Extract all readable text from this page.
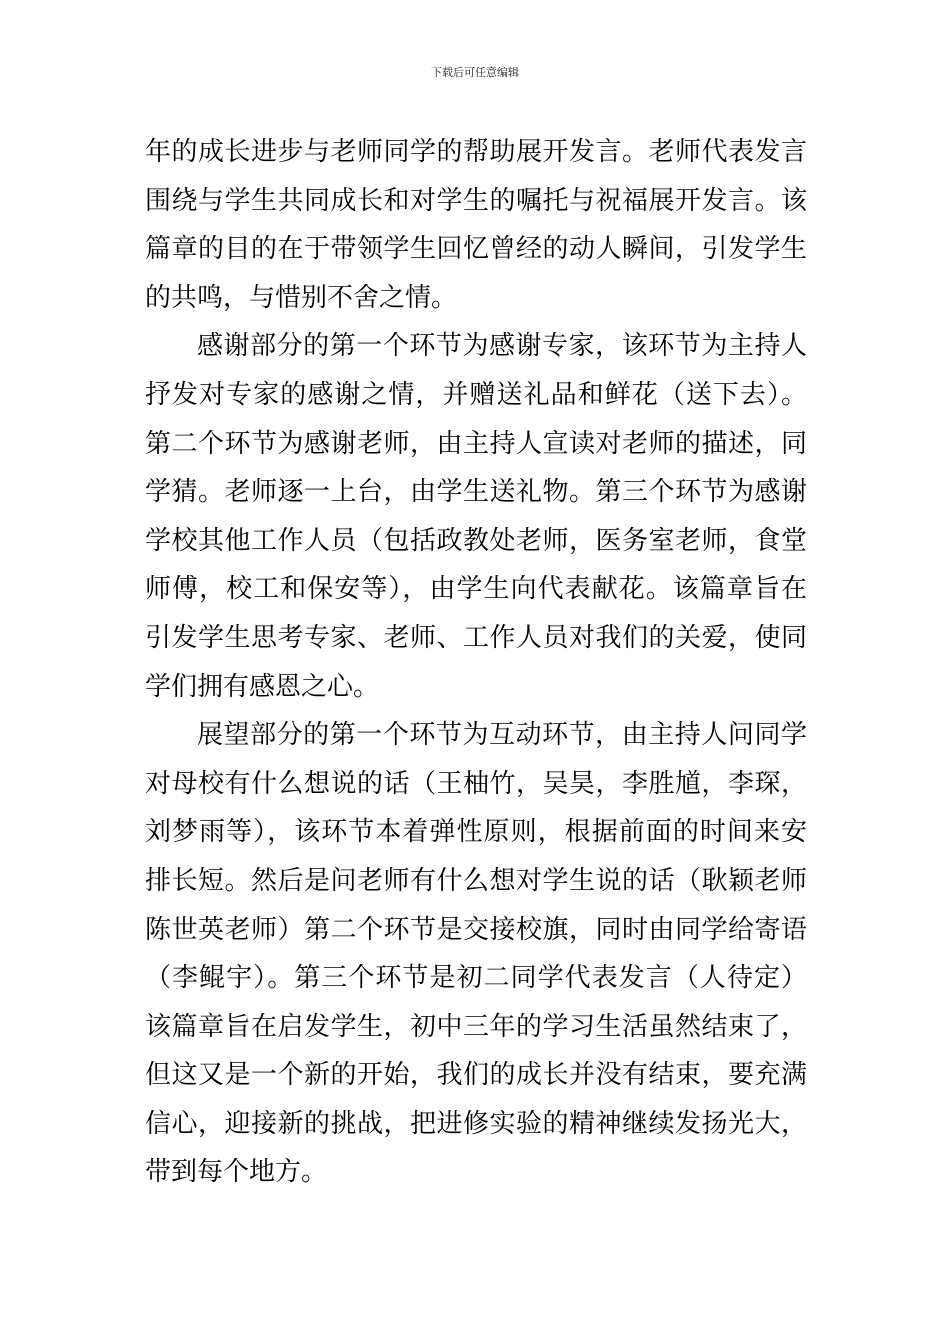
下载后可任意编辑
年的成长进步与老师同学的帮助展开发言。老师代表发言
围绕与学生共同成长和对学生的嘱托与祝福展开发言。该
篇章的目的在于带领学生回忆曾经的动人瞬间，引发学生
的共鸣，与惜别不舍之情。
感谢部分的第一个环节为感谢专家，该环节为主持人
抒发对专家的感谢之情，并赠送礼品和鲜花（送下去）。
第二个环节为感谢老师，由主持人宣读对老师的描述，同
学猜。老师逐一上台，由学生送礼物。第三个环节为感谢
学校其他工作人员（包括政教处老师，医务室老师，食堂
师傅，校工和保安等），由学生向代表献花。该篇章旨在
引发学生思考专家、老师、工作人员对我们的关爱，使同
学们拥有感恩之心。
展望部分的第一个环节为互动环节，由主持人问同学
对母校有什么想说的话（王柚竹，吴昊，李胜馗，李琛，
刘梦雨等），该环节本着弹性原则，根据前面的时间来安
排长短。然后是问老师有什么想对学生说的话（耿颖老师
陈世英老师）第二个环节是交接校旗，同时由同学给寄语
（李鲲宇）。第三个环节是初二同学代表发言（人待定）
该篇章旨在启发学生，初中三年的学习生活虽然结束了，
但这又是一个新的开始，我们的成长并没有结束，要充满
信心，迎接新的挑战，把进修实验的精神继续发扬光大，
带到每个地方。
